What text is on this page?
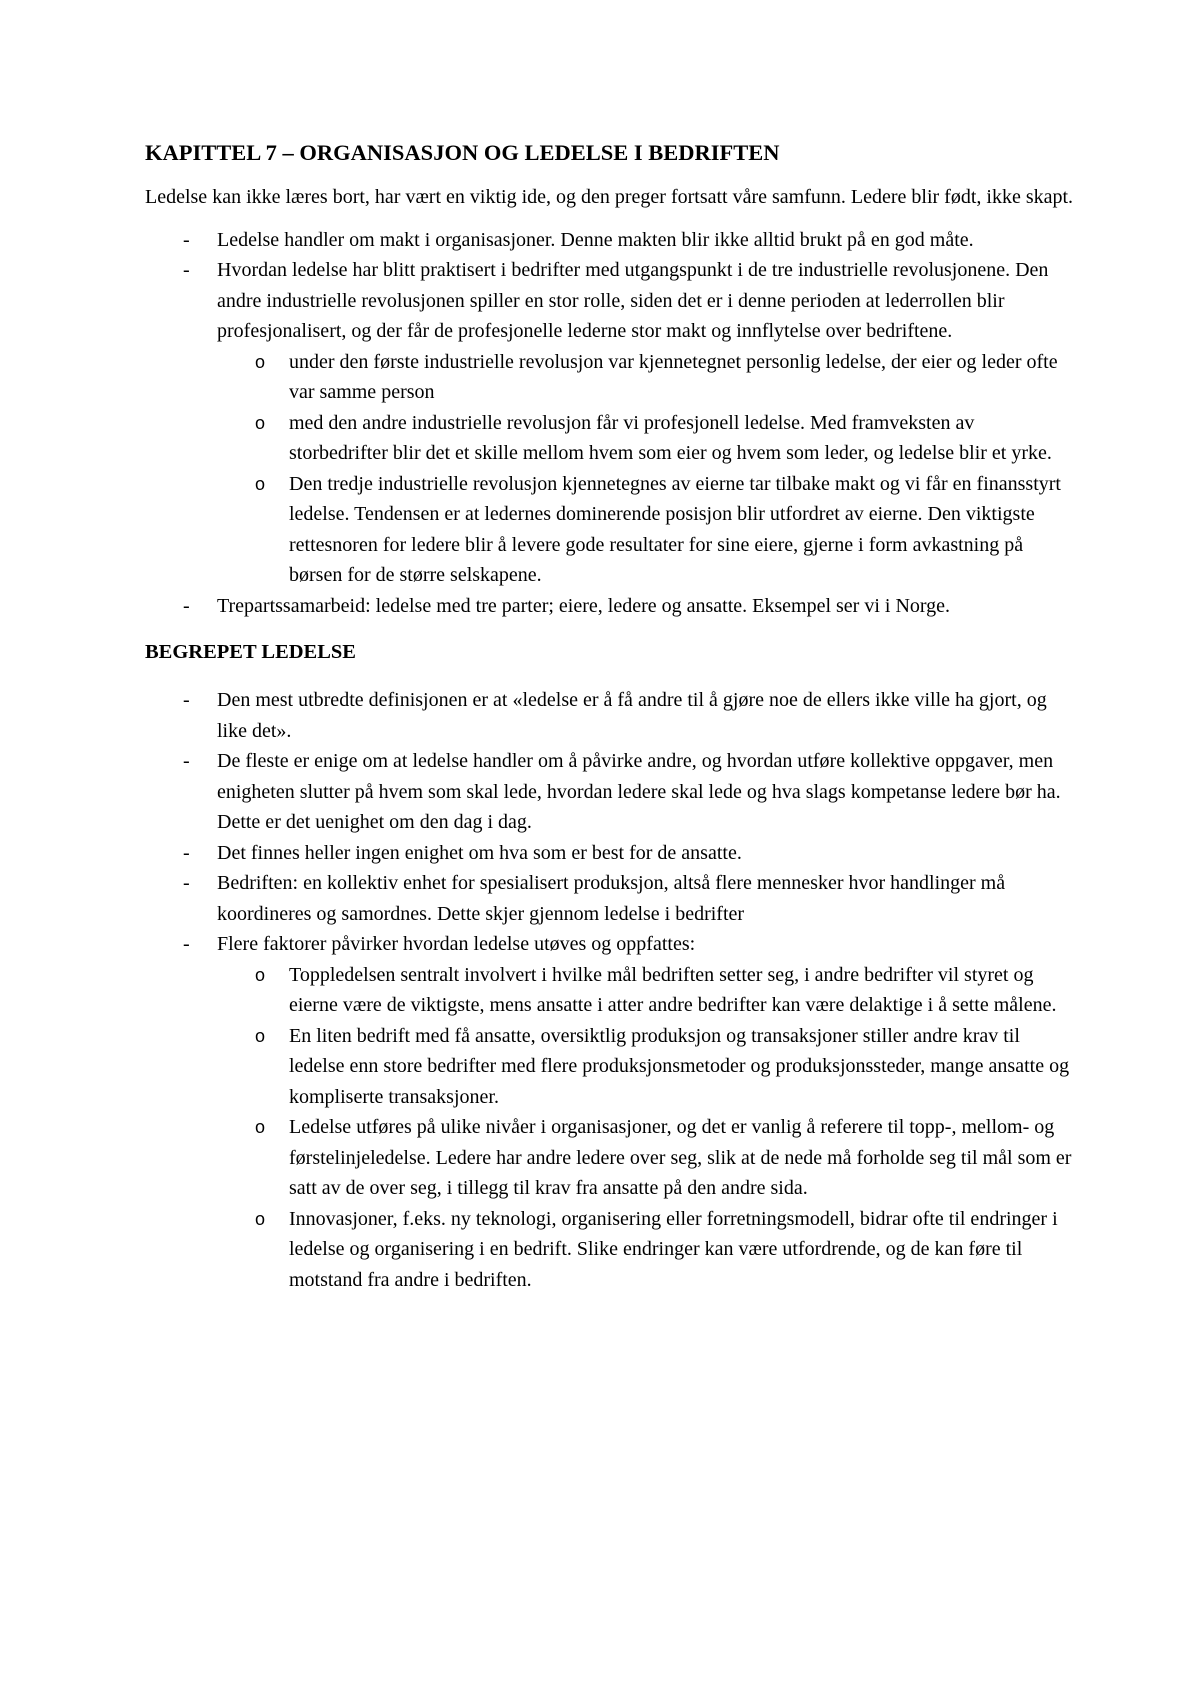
KAPITTEL 7 – ORGANISASJON OG LEDELSE I BEDRIFTEN

Ledelse kan ikke læres bort, har vært en viktig ide, og den preger fortsatt våre samfunn. Ledere blir født, ikke skapt.

- Ledelse handler om makt i organisasjoner. Denne makten blir ikke alltid brukt på en god måte.
- Hvordan ledelse har blitt praktisert i bedrifter med utgangspunkt i de tre industrielle revolusjonene. Den andre industrielle revolusjonen spiller en stor rolle, siden det er i denne perioden at lederrollen blir profesjonalisert, og der får de profesjonelle lederne stor makt og innflytelse over bedriftene.
o under den første industrielle revolusjon var kjennetegnet personlig ledelse, der eier og leder ofte var samme person
o med den andre industrielle revolusjon får vi profesjonell ledelse. Med framveksten av storbedrifter blir det et skille mellom hvem som eier og hvem som leder, og ledelse blir et yrke.
o Den tredje industrielle revolusjon kjennetegnes av eierne tar tilbake makt og vi får en finansstyrt ledelse. Tendensen er at ledernes dominerende posisjon blir utfordret av eierne. Den viktigste rettesnoren for ledere blir å levere gode resultater for sine eiere, gjerne i form avkastning på børsen for de større selskapene.
- Trepartssamarbeid: ledelse med tre parter; eiere, ledere og ansatte. Eksempel ser vi i Norge.
BEGREPET LEDELSE
- Den mest utbredte definisjonen er at «ledelse er å få andre til å gjøre noe de ellers ikke ville ha gjort, og like det».
- De fleste er enige om at ledelse handler om å påvirke andre, og hvordan utføre kollektive oppgaver, men enigheten slutter på hvem som skal lede, hvordan ledere skal lede og hva slags kompetanse ledere bør ha. Dette er det uenighet om den dag i dag.
- Det finnes heller ingen enighet om hva som er best for de ansatte.
- Bedriften: en kollektiv enhet for spesialisert produksjon, altså flere mennesker hvor handlinger må koordineres og samordnes. Dette skjer gjennom ledelse i bedrifter
- Flere faktorer påvirker hvordan ledelse utøves og oppfattes:
o Toppledelsen sentralt involvert i hvilke mål bedriften setter seg, i andre bedrifter vil styret og eierne være de viktigste, mens ansatte i atter andre bedrifter kan være delaktige i å sette målene.
o En liten bedrift med få ansatte, oversiktlig produksjon og transaksjoner stiller andre krav til ledelse enn store bedrifter med flere produksjonsmetoder og produksjonssteder, mange ansatte og kompliserte transaksjoner.
o Ledelse utføres på ulike nivåer i organisasjoner, og det er vanlig å referere til topp-, mellom- og førstelinjeledelse. Ledere har andre ledere over seg, slik at de nede må forholde seg til mål som er satt av de over seg, i tillegg til krav fra ansatte på den andre sida.
o Innovasjoner, f.eks. ny teknologi, organisering eller forretningsmodell, bidrar ofte til endringer i ledelse og organisering i en bedrift. Slike endringer kan være utfordrende, og de kan føre til motstand fra andre i bedriften.
